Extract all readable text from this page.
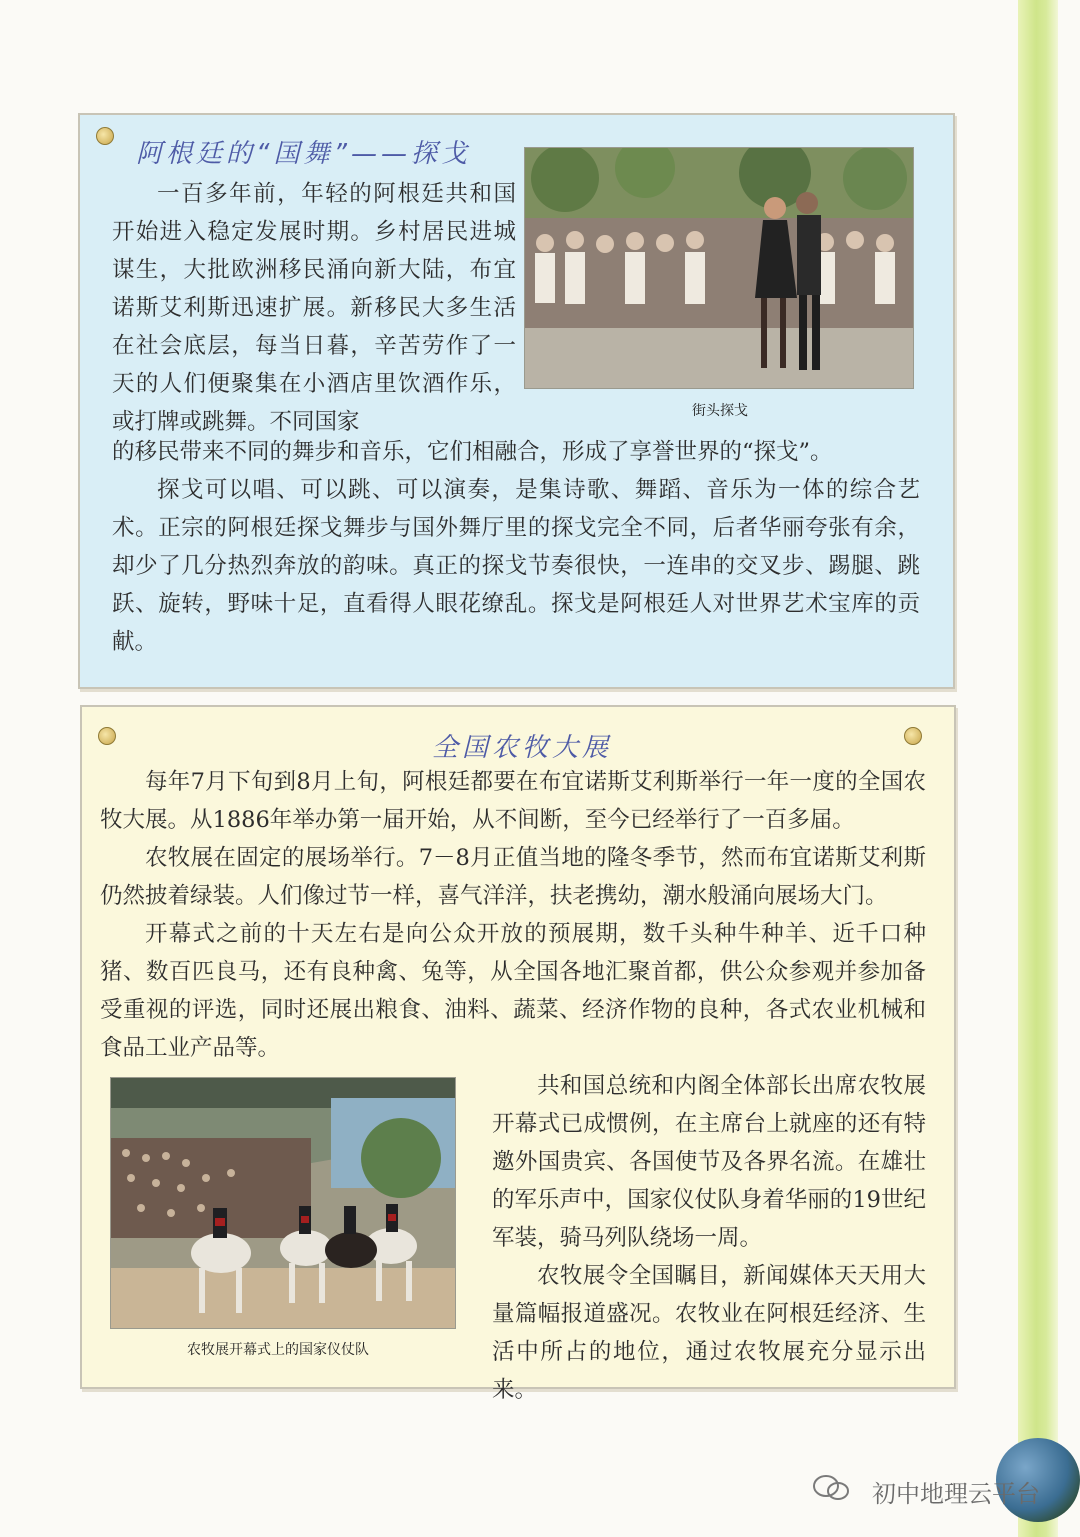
阿根廷的“国舞”——探戈
街头探戈

一百多年前，年轻的阿根廷共和国开始进入稳定发展时期。乡村居民进城谋生，大批欧洲移民涌向新大陆，布宜诺斯艾利斯迅速扩展。新移民大多生活在社会底层，每当日暮，辛苦劳作了一天的人们便聚集在小酒店里饮酒作乐，或打牌或跳舞。不同国家

的移民带来不同的舞步和音乐，它们相融合，形成了享誉世界的“探戈”。

探戈可以唱、可以跳、可以演奏，是集诗歌、舞蹈、音乐为一体的综合艺术。正宗的阿根廷探戈舞步与国外舞厅里的探戈完全不同，后者华丽夸张有余，却少了几分热烈奔放的韵味。真正的探戈节奏很快，一连串的交叉步、踢腿、跳跃、旋转，野味十足，直看得人眼花缭乱。探戈是阿根廷人对世界艺术宝库的贡献。

全国农牧大展

每年7月下旬到8月上旬，阿根廷都要在布宜诺斯艾利斯举行一年一度的全国农牧大展。从1886年举办第一届开始，从不间断，至今已经举行了一百多届。

农牧展在固定的展场举行。7－8月正值当地的隆冬季节，然而布宜诺斯艾利斯仍然披着绿装。人们像过节一样，喜气洋洋，扶老携幼，潮水般涌向展场大门。

开幕式之前的十天左右是向公众开放的预展期，数千头种牛种羊、近千口种猪、数百匹良马，还有良种禽、兔等，从全国各地汇聚首都，供公众参观并参加备受重视的评选，同时还展出粮食、油料、蔬菜、经济作物的良种，各式农业机械和食品工业产品等。

农牧展开幕式上的国家仪仗队

共和国总统和内阁全体部长出席农牧展开幕式已成惯例，在主席台上就座的还有特邀外国贵宾、各国使节及各界名流。在雄壮的军乐声中，国家仪仗队身着华丽的19世纪军装，骑马列队绕场一周。

农牧展令全国瞩目，新闻媒体天天用大量篇幅报道盛况。农牧业在阿根廷经济、生活中所占的地位，通过农牧展充分显示出来。

初中地理云平台
